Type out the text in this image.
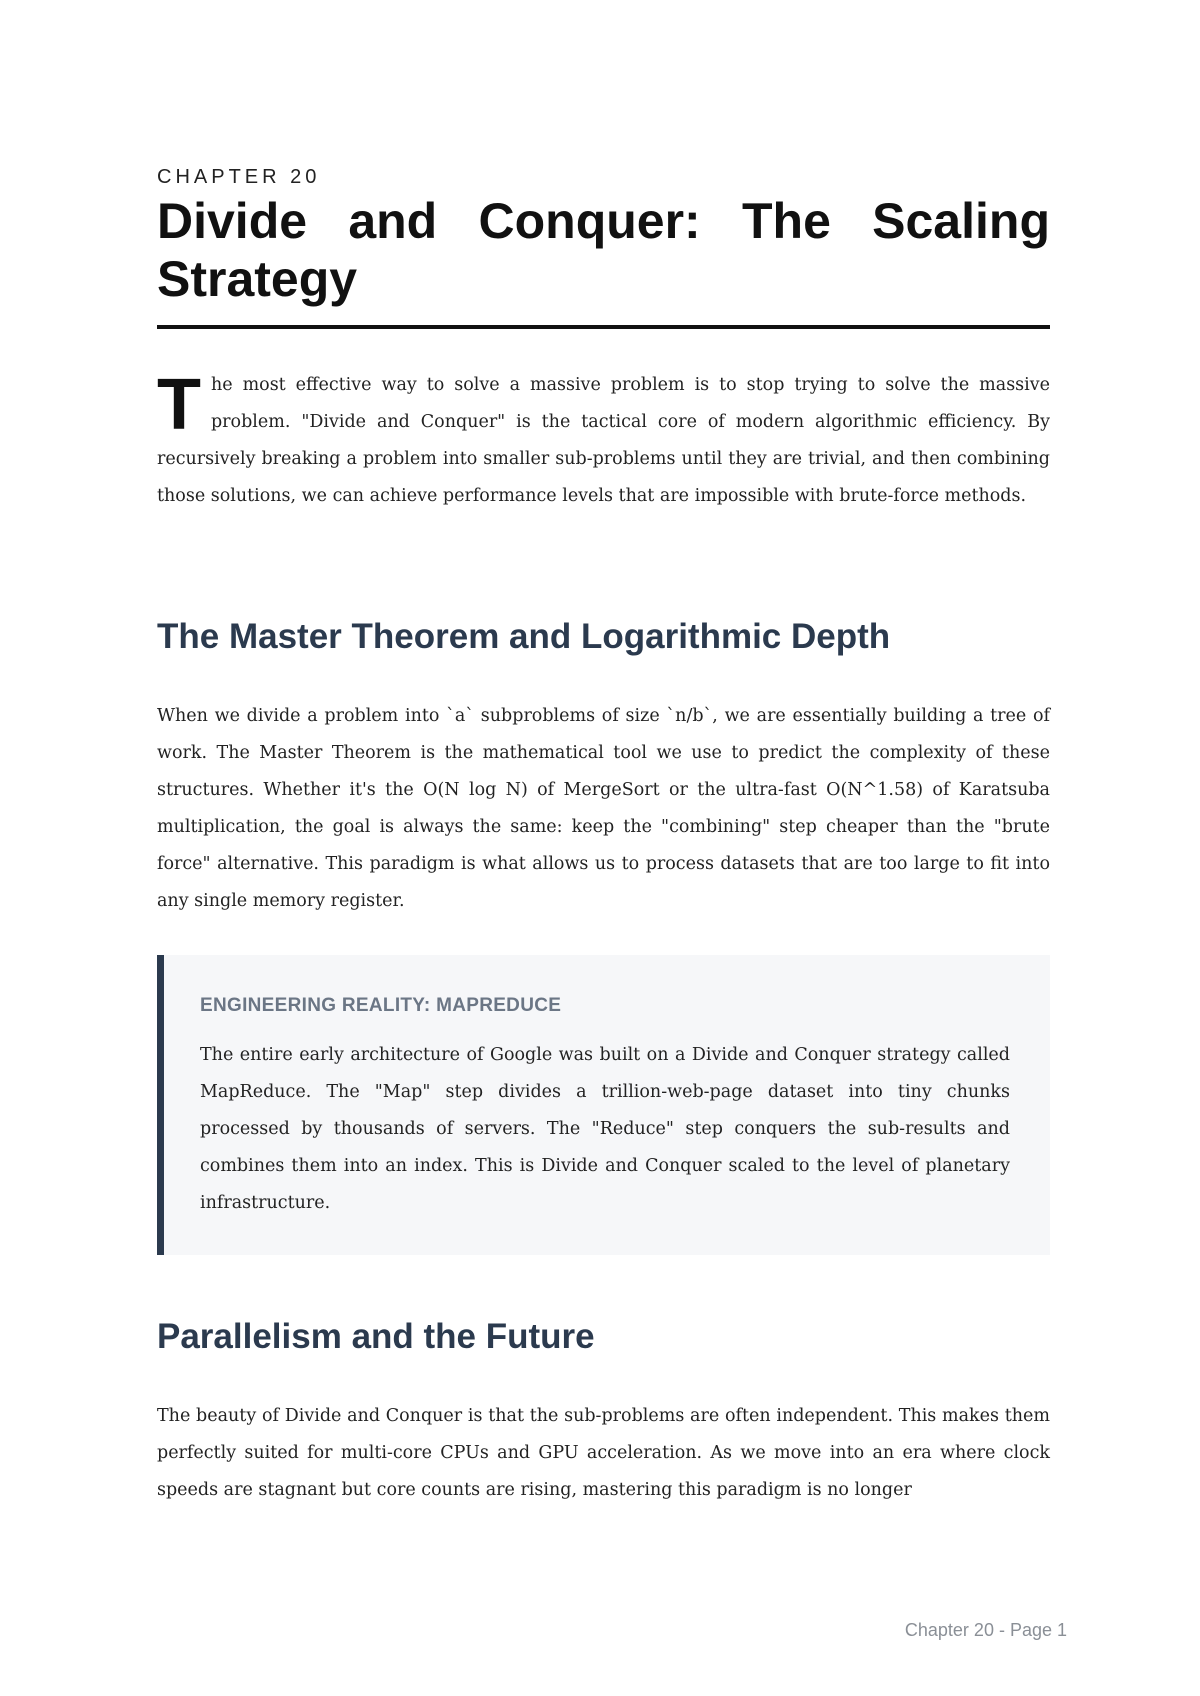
CHAPTER 20
Divide and Conquer: The Scaling Strategy

The most effective way to solve a massive problem is to stop trying to solve the massive problem. "Divide and Conquer" is the tactical core of modern algorithmic efficiency. By recursively breaking a problem into smaller sub-problems until they are trivial, and then combining those solutions, we can achieve performance levels that are impossible with brute-force methods.

The Master Theorem and Logarithmic Depth

When we divide a problem into `a` subproblems of size `n/b`, we are essentially building a tree of work. The Master Theorem is the mathematical tool we use to predict the complexity of these structures. Whether it's the O(N log N) of MergeSort or the ultra-fast O(N^1.58) of Karatsuba multiplication, the goal is always the same: keep the "combining" step cheaper than the "brute force" alternative. This paradigm is what allows us to process datasets that are too large to fit into any single memory register.

ENGINEERING REALITY: MAPREDUCE

The entire early architecture of Google was built on a Divide and Conquer strategy called MapReduce. The "Map" step divides a trillion-web-page dataset into tiny chunks processed by thousands of servers. The "Reduce" step conquers the sub-results and combines them into an index. This is Divide and Conquer scaled to the level of planetary infrastructure.

Parallelism and the Future

The beauty of Divide and Conquer is that the sub-problems are often independent. This makes them perfectly suited for multi-core CPUs and GPU acceleration. As we move into an era where clock speeds are stagnant but core counts are rising, mastering this paradigm is no longer

Chapter 20 - Page 1
